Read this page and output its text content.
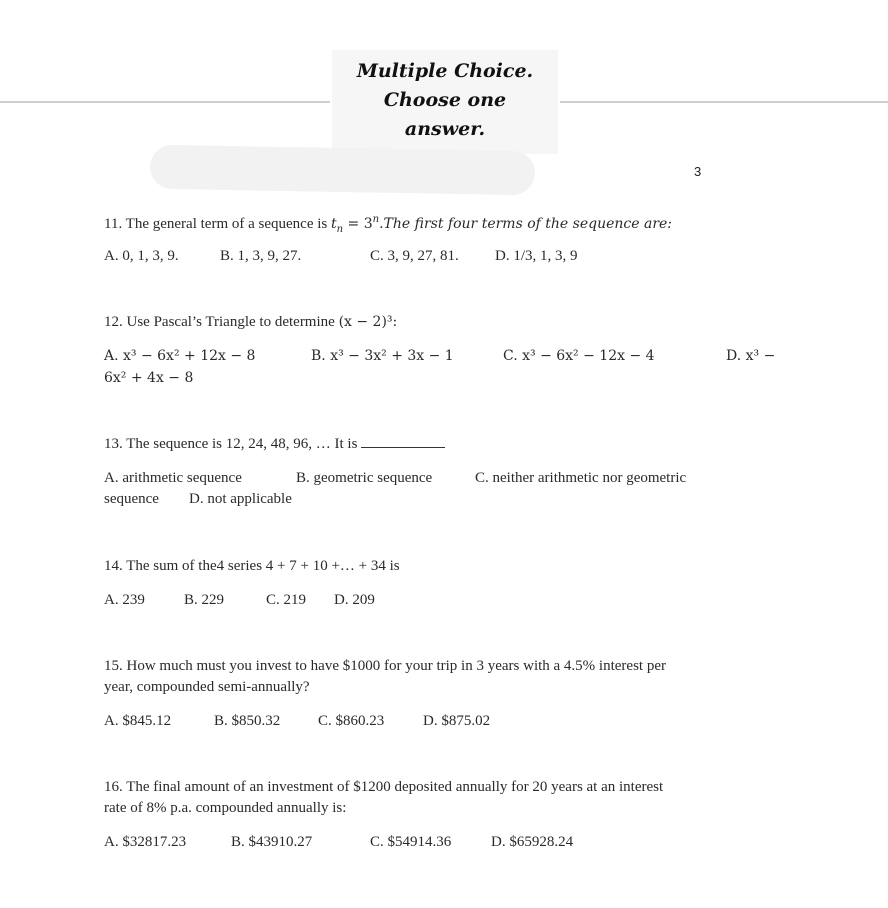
Multiple Choice.
Choose one
answer.
3
11. The general term of a sequence is $t_n = 3^n.The$ first four terms of the sequence are:
A. 0, 1, 3, 9.	B. 1, 3, 9, 27.	C. 3, 9, 27, 81. D. 1/3, 1, 3, 9
12. Use Pascal’s Triangle to determine (x − 2)³:
A. x³ − 6x² + 12x − 8	B. x³ − 3x² + 3x − 1	C. x³ − 6x² − 12x − 4	D. x³ −
6x² + 4x − 8
13. The sequence is 12, 24, 48, 96, … It is
A. arithmetic sequence	B. geometric sequence	C. neither arithmetic nor geometric
sequence D. not applicable
14. The sum of the4 series 4 + 7 + 10 +… + 34 is
A. 239	B. 229	C. 219 D. 209
15. How much must you invest to have $1000 for your trip in 3 years with a 4.5% interest per
year, compounded semi-annually?
A. $845.12	B. $850.32	C. $860.23	D. $875.02
16. The final amount of an investment of $1200 deposited annually for 20 years at an interest
rate of 8% p.a. compounded annually is:
A. $32817.23	B. $43910.27	C. $54914.36	D. $65928.24
